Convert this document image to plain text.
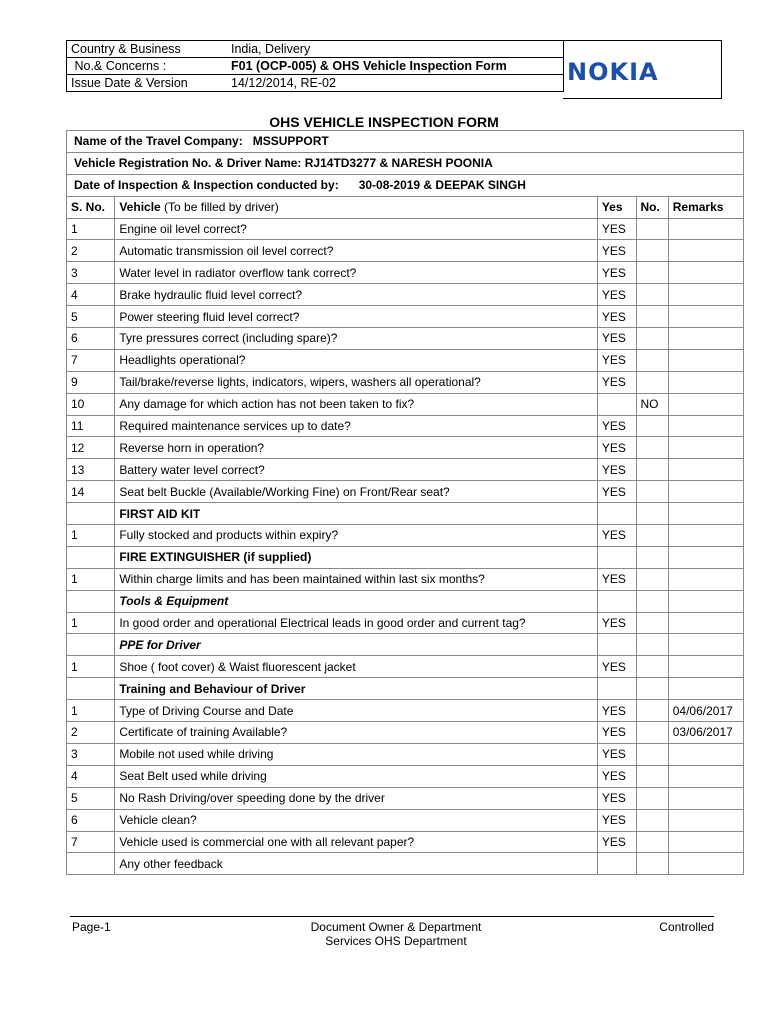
Country & Business	India, Delivery
No.& Concerns :	F01 (OCP-005) & OHS Vehicle Inspection Form
Issue Date & Version	14/12/2014, RE-02	NOKIA
OHS VEHICLE INSPECTION FORM
Name of the Travel Company: MSSUPPORT				
Vehicle Registration No. & Driver Name: RJ14TD3277 & NARESH POONIA				
Date of Inspection & Inspection conducted by: 30-08-2019 & DEEPAK SINGH				
S. No.	Vehicle (To be filled by driver)	Yes	No.	Remarks
1	Engine oil level correct?	YES		
2	Automatic transmission oil level correct?	YES		
3	Water level in radiator overflow tank correct?	YES		
4	Brake hydraulic fluid level correct?	YES		
5	Power steering fluid level correct?	YES		
6	Tyre pressures correct (including spare)?	YES		
7	Headlights operational?	YES		
9	Tail/brake/reverse lights, indicators, wipers, washers all operational?	YES		
10	Any damage for which action has not been taken to fix?		NO	
11	Required maintenance services up to date?	YES		
12	Reverse horn in operation?	YES		
13	Battery water level correct?	YES		
14	Seat belt Buckle (Available/Working Fine) on Front/Rear seat?	YES		
	FIRST AID KIT			
1	Fully stocked and products within expiry?	YES		
	FIRE EXTINGUISHER (if supplied)			
1	Within charge limits and has been maintained within last six months?	YES		
	Tools & Equipment			
1	In good order and operational Electrical leads in good order and current tag?	YES		
	PPE for Driver			
1	Shoe ( foot cover) & Waist fluorescent jacket	YES		
	Training and Behaviour of Driver			
1	Type of Driving Course and Date	YES		04/06/2017
2	Certificate of training Available?	YES		03/06/2017
3	Mobile not used while driving	YES		
4	Seat Belt used while driving	YES		
5	No Rash Driving/over speeding done by the driver	YES		
6	Vehicle clean?	YES		
7	Vehicle used is commercial one with all relevant paper?	YES		
	Any other feedback			
Page-1	Document Owner & Department
Services OHS Department
Controlled
